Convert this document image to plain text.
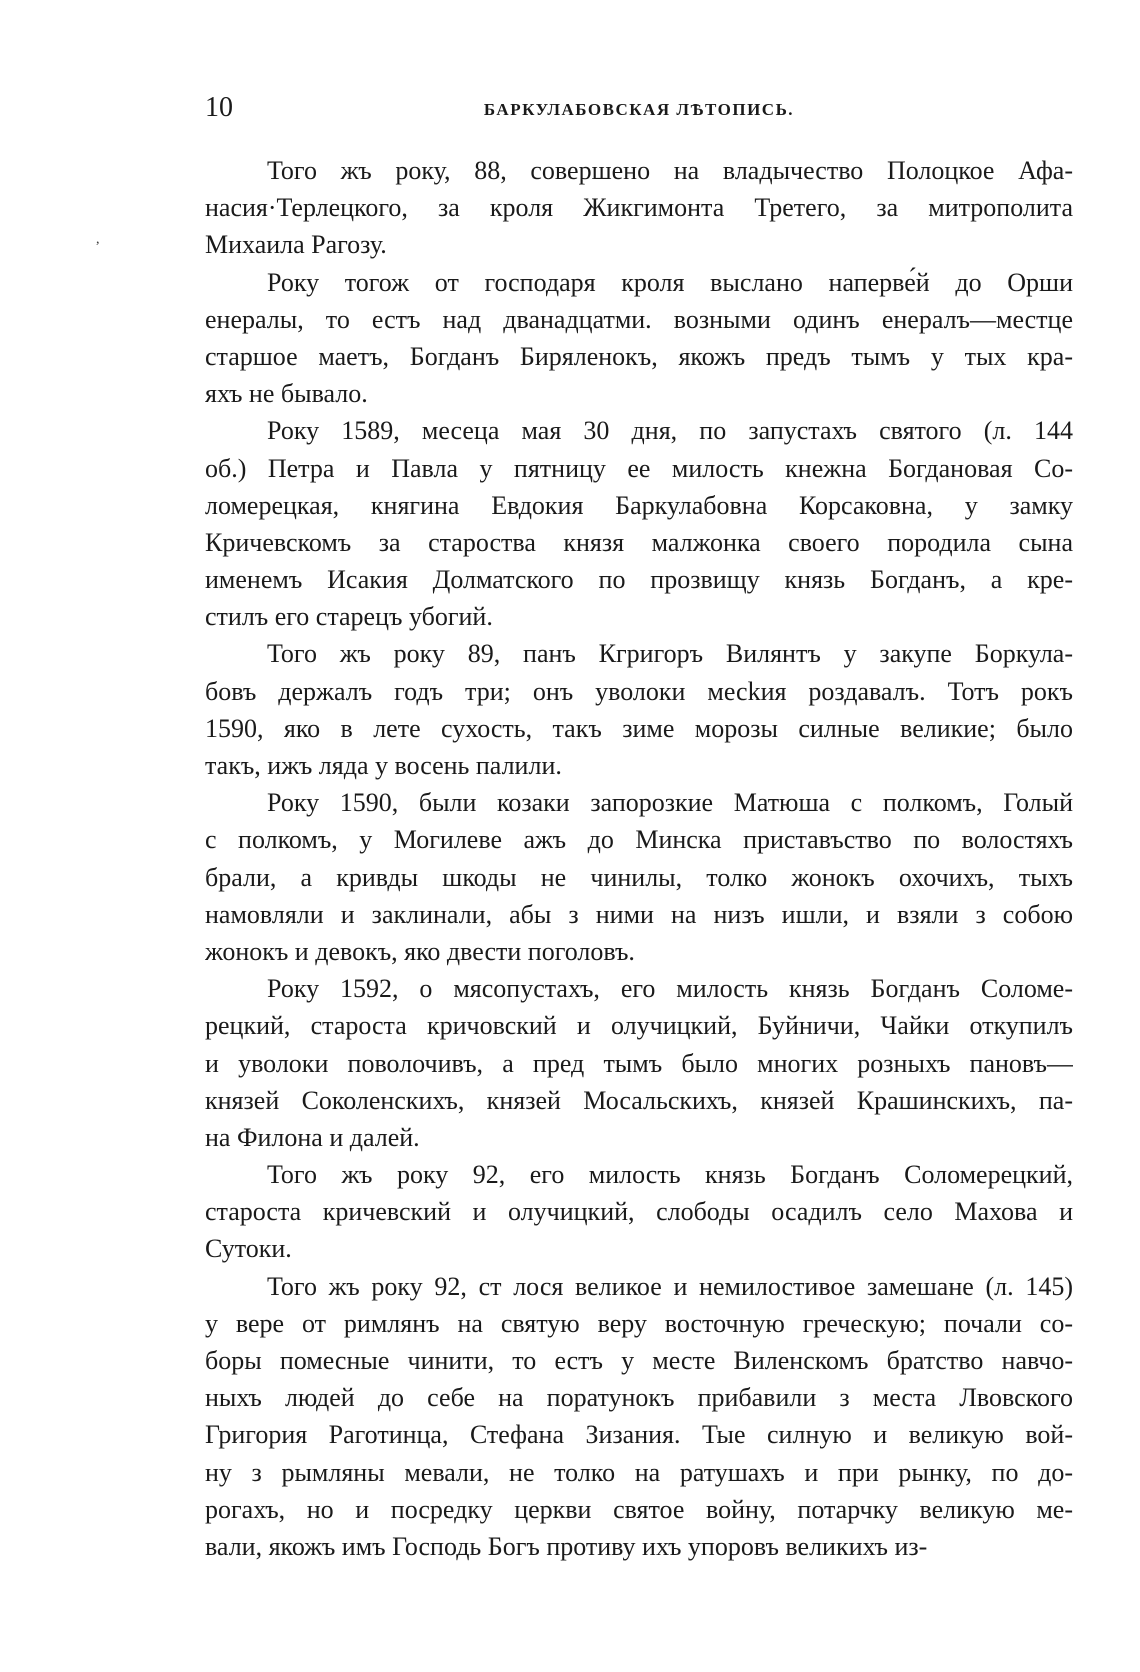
,
10	БАРКУЛАБОВСКАЯ ЛѢТОПИСЬ.
Того жъ року, 88, совершено на владычество Полоцкое Афа-
насия·Терлецкого, за кроля Жикгимонта Третего, за митрополита
Михаила Рагозу.
Року тогож от господаря кроля выслано наперве́й до Орши
енералы, то естъ над дванадцатми. возными одинъ енералъ—местце
старшое маетъ, Богданъ Биряленокъ, якожъ предъ тымъ у тых кра-
яхъ не бывало.
Року 1589, месеца мая 30 дня, по запустахъ святого (л. 144
об.) Петра и Павла у пятницу ее милость кнежна Богдановая Со-
ломерецкая, княгина Евдокия Баркулабовна Корсаковна, у замку
Кричевскомъ за староства князя малжонка своего породила сына
именемъ Исакия Долматского по прозвищу князь Богданъ, а кре-
стилъ его старецъ убогий.
Того жъ року 89, панъ Кгригоръ Вилянтъ у закупе Боркула-
бовъ держалъ годъ три; онъ уволоки месkия роздавалъ. Тотъ рокъ
1590, яко в лете сухость, такъ зиме морозы силные великие; было
такъ, ижъ ляда у восень палили.
Року 1590, были козаки запорозкие Матюша с полкомъ, Голый
с полкомъ, у Могилеве ажъ до Минска приставъство по волостяхъ
брали, а кривды шкоды не чинилы, толко жонокъ охочихъ, тыхъ
намовляли и заклинали, абы з ними на низъ ишли, и взяли з собою
жонокъ и девокъ, яко двести поголовъ.
Року 1592, о мясопустахъ, его милость князь Богданъ Соломе-
рецкий, староста кричовский и олучицкий, Буйничи, Чайки откупилъ
и уволоки поволочивъ, а пред тымъ было многих розныхъ пановъ—
князей Соколенскихъ, князей Мосальскихъ, князей Крашинскихъ, па-
на Филона и далей.
Того жъ року 92, его милость князь Богданъ Соломерецкий,
староста кричевский и олучицкий, слободы осадилъ село Махова и
Сутоки.
Того жъ року 92, ст лося великое и немилостивое замешане (л. 145)
у вере от римлянъ на святую веру восточную греческую; почали со-
боры помесные чинити, то естъ у месте Виленскомъ братство навчо-
ныхъ людей до себе на поратунокъ прибавили з места Лвовского
Григория Раготинца, Стефана Зизания. Тые силную и великую вой-
ну з рымляны мевали, не толко на ратушахъ и при рынку, по до-
рогахъ, но и посредку церкви святое войну, потарчку великую ме-
вали, якожъ имъ Господь Богъ противу ихъ упоровъ великихъ из-
